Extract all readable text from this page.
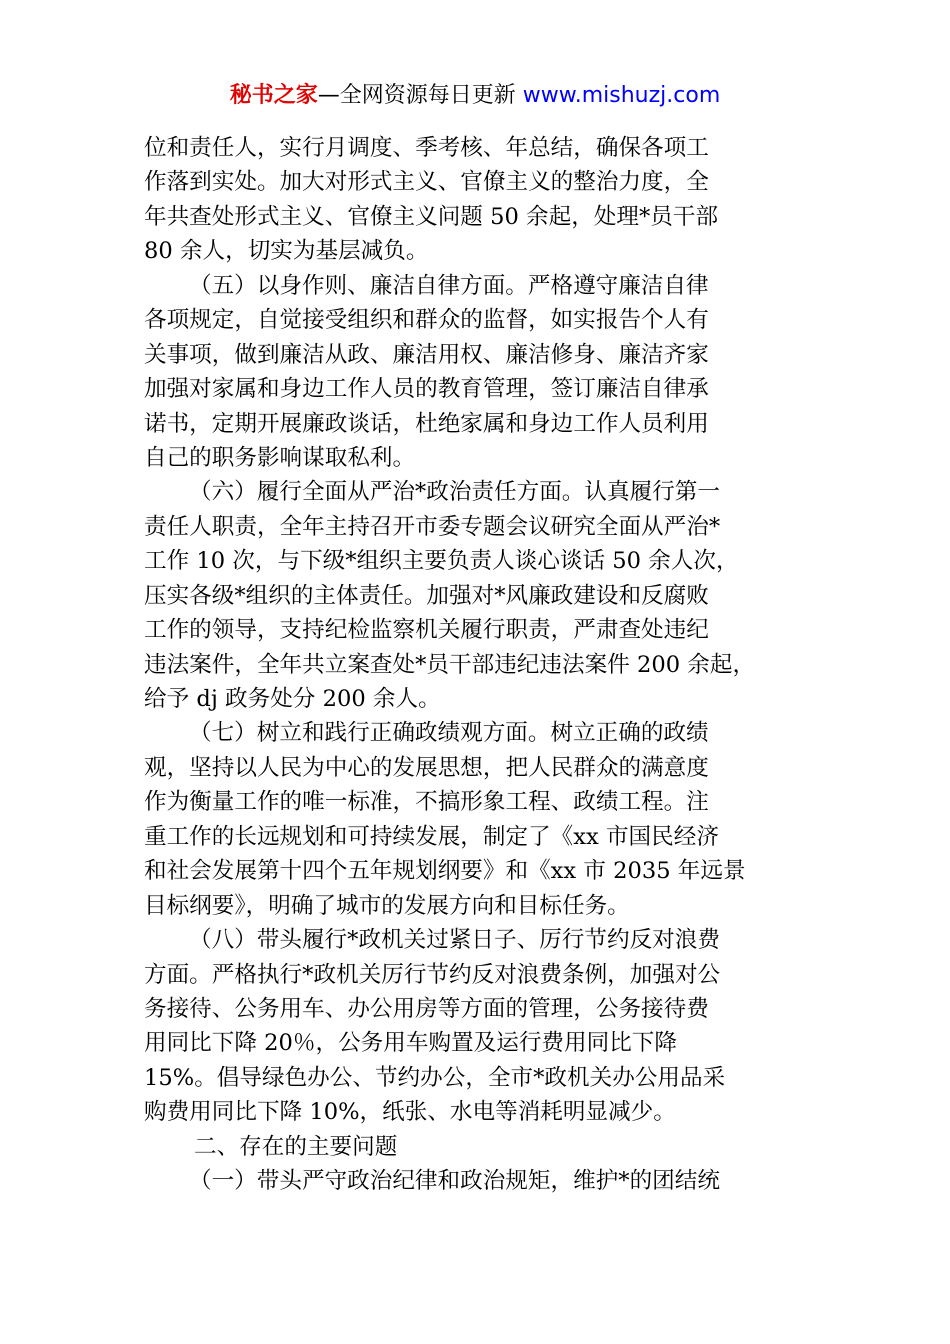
秘书之家—全网资源每日更新 www.mishuzj.com
位和责任人，实行月调度、季考核、年总结，确保各项工
作落到实处。加大对形式主义、官僚主义的整治力度，全
年共查处形式主义、官僚主义问题 50 余起，处理*员干部
80 余人，切实为基层减负。
（五）以身作则、廉洁自律方面。严格遵守廉洁自律
各项规定，自觉接受组织和群众的监督，如实报告个人有
关事项，做到廉洁从政、廉洁用权、廉洁修身、廉洁齐家
加强对家属和身边工作人员的教育管理，签订廉洁自律承
诺书，定期开展廉政谈话，杜绝家属和身边工作人员利用
自己的职务影响谋取私利。
（六）履行全面从严治*政治责任方面。认真履行第一
责任人职责，全年主持召开市委专题会议研究全面从严治*
工作 10 次，与下级*组织主要负责人谈心谈话 50 余人次，
压实各级*组织的主体责任。加强对*风廉政建设和反腐败
工作的领导，支持纪检监察机关履行职责，严肃查处违纪
违法案件，全年共立案查处*员干部违纪违法案件 200 余起，
给予 dj 政务处分 200 余人。
（七）树立和践行正确政绩观方面。树立正确的政绩
观，坚持以人民为中心的发展思想，把人民群众的满意度
作为衡量工作的唯一标准，不搞形象工程、政绩工程。注
重工作的长远规划和可持续发展，制定了《xx 市国民经济
和社会发展第十四个五年规划纲要》和《xx 市 2035 年远景
目标纲要》，明确了城市的发展方向和目标任务。
（八）带头履行*政机关过紧日子、厉行节约反对浪费
方面。严格执行*政机关厉行节约反对浪费条例，加强对公
务接待、公务用车、办公用房等方面的管理，公务接待费
用同比下降 20％，公务用车购置及运行费用同比下降
15%。倡导绿色办公、节约办公，全市*政机关办公用品采
购费用同比下降 10%，纸张、水电等消耗明显减少。
二、存在的主要问题
（一）带头严守政治纪律和政治规矩，维护*的团结统
